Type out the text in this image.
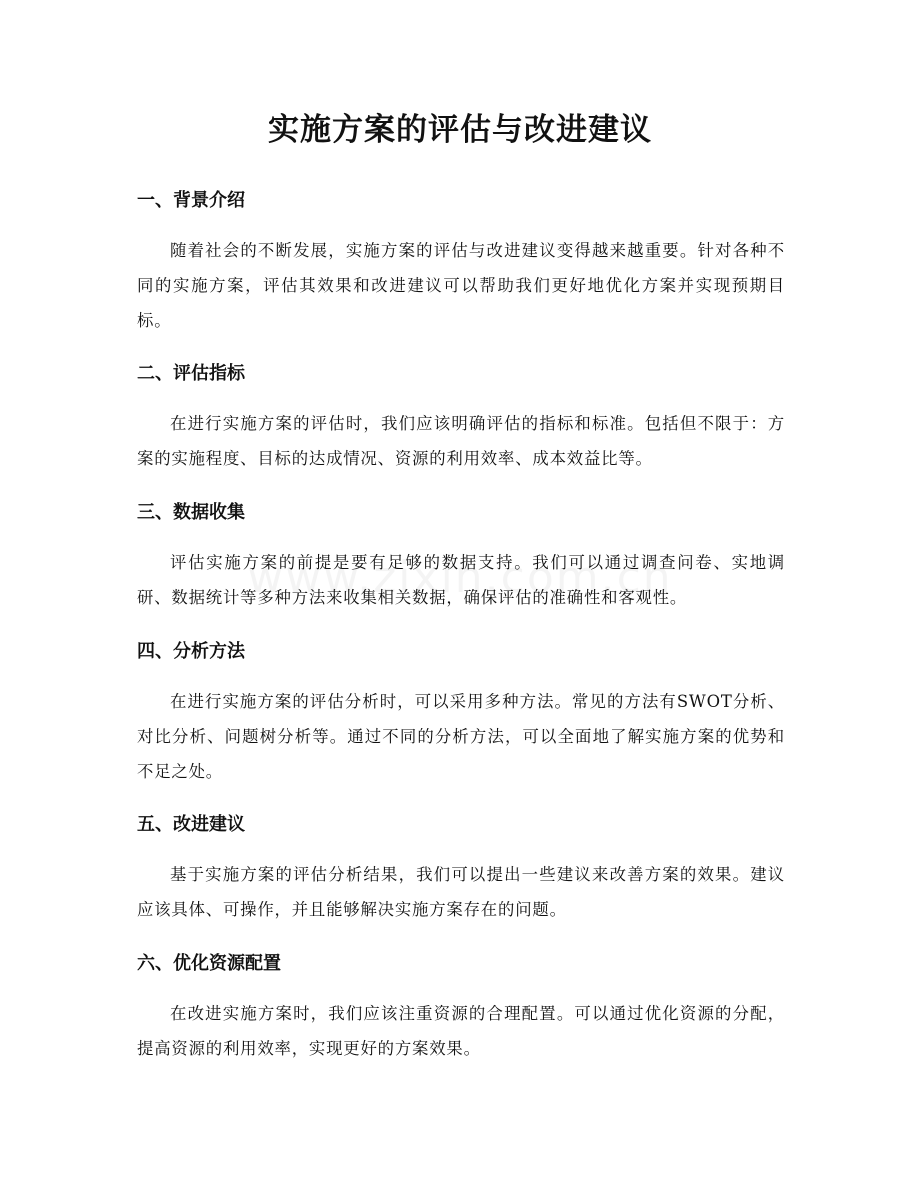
实施方案的评估与改进建议
一、背景介绍

随着社会的不断发展，实施方案的评估与改进建议变得越来越重要。针对各种不同的实施方案，评估其效果和改进建议可以帮助我们更好地优化方案并实现预期目标。

二、评估指标

在进行实施方案的评估时，我们应该明确评估的指标和标准。包括但不限于：方案的实施程度、目标的达成情况、资源的利用效率、成本效益比等。

三、数据收集

评估实施方案的前提是要有足够的数据支持。我们可以通过调查问卷、实地调研、数据统计等多种方法来收集相关数据，确保评估的准确性和客观性。

四、分析方法

在进行实施方案的评估分析时，可以采用多种方法。常见的方法有SWOT分析、对比分析、问题树分析等。通过不同的分析方法，可以全面地了解实施方案的优势和不足之处。

五、改进建议

基于实施方案的评估分析结果，我们可以提出一些建议来改善方案的效果。建议应该具体、可操作，并且能够解决实施方案存在的问题。

六、优化资源配置

在改进实施方案时，我们应该注重资源的合理配置。可以通过优化资源的分配，提高资源的利用效率，实现更好的方案效果。
